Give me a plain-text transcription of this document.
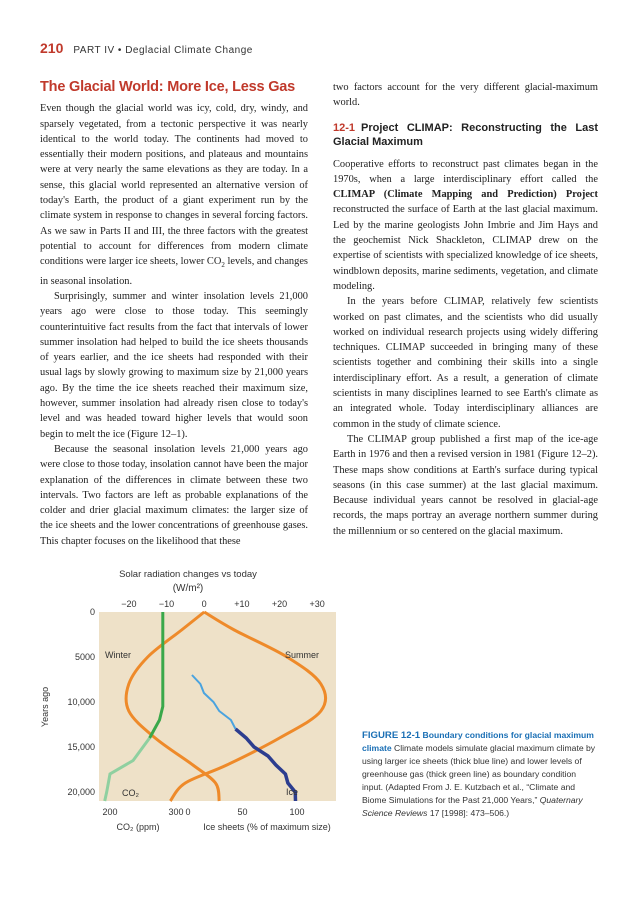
210 PART IV • Deglacial Climate Change
The Glacial World: More Ice, Less Gas

Even though the glacial world was icy, cold, dry, windy, and sparsely vegetated, from a tectonic perspective it was nearly identical to the world today. The continents had moved to essentially their modern positions, and plateaus and mountains were at very nearly the same elevations as they are today. In a sense, this glacial world represented an alternative version of today's Earth, the product of a giant experiment run by the climate system in response to changes in several forcing factors. As we saw in Parts II and III, the three factors with the greatest potential to account for differences from modern climate conditions were larger ice sheets, lower $CO_2$ levels, and changes in seasonal insolation.

Surprisingly, summer and winter insolation levels 21,000 years ago were close to those today. This seemingly counterintuitive fact results from the fact that intervals of lower summer insolation had helped to build the ice sheets thousands of years earlier, and the ice sheets had responded with their usual lags by slowly growing to maximum size by 21,000 years ago. By the time the ice sheets reached their maximum size, however, summer insolation had already risen close to today's level and was headed toward higher levels that would soon begin to melt the ice (Figure 12–1).

Because the seasonal insolation levels 21,000 years ago were close to those today, insolation cannot have been the major explanation of the differences in climate between these two intervals. Two factors are left as probable explanations of the colder and drier glacial maximum climates: the larger size of the ice sheets and the lower concentrations of greenhouse gases. This chapter focuses on the likelihood that these

two factors account for the very different glacial-maximum world.

12-1 Project CLIMAP: Reconstructing the Last Glacial Maximum

Cooperative efforts to reconstruct past climates began in the 1970s, when a large interdisciplinary effort called the CLIMAP (Climate Mapping and Prediction) Project reconstructed the surface of Earth at the last glacial maximum. Led by the marine geologists John Imbrie and Jim Hays and the geochemist Nick Shackleton, CLIMAP drew on the expertise of scientists with specialized knowledge of ice sheets, windblown deposits, marine sediments, vegetation, and climate modeling.

In the years before CLIMAP, relatively few scientists worked on past climates, and the scientists who did usually worked on individual research projects using widely differing techniques. CLIMAP succeeded in bringing many of these scientists together and combining their skills into a single interdisciplinary effort. As a result, a generation of climate scientists in many disciplines learned to see Earth's climate as an integrated whole. Today interdisciplinary alliances are common in the study of climate science.

The CLIMAP group published a first map of the ice-age Earth in 1976 and then a revised version in 1981 (Figure 12–2). These maps show conditions at Earth's surface during typical seasons (in this case summer) at the last glacial maximum. Because individual years cannot be resolved in glacial-age records, the maps portray an average northern summer during the millennium or so centered on the glacial maximum.

Solar radiation changes vs today
(W/m²)
−20 −10	0	+10 +20 +30
0
5000
10,000
15,000
20,000
Years ago
Winter	Summer
CO₂	Ice
200	300 0	50	100
CO₂ (ppm)	Ice sheets (% of maximum size)
FIGURE 12-1 Boundary conditions for glacial maximum climate Climate models simulate glacial maximum climate by using larger ice sheets (thick blue line) and lower levels of greenhouse gas (thick green line) as boundary condition input. (Adapted From J. E. Kutzbach et al., “Climate and Biome Simulations for the Past 21,000 Years,” Quaternary Science Reviews 17 [1998]: 473–506.)
